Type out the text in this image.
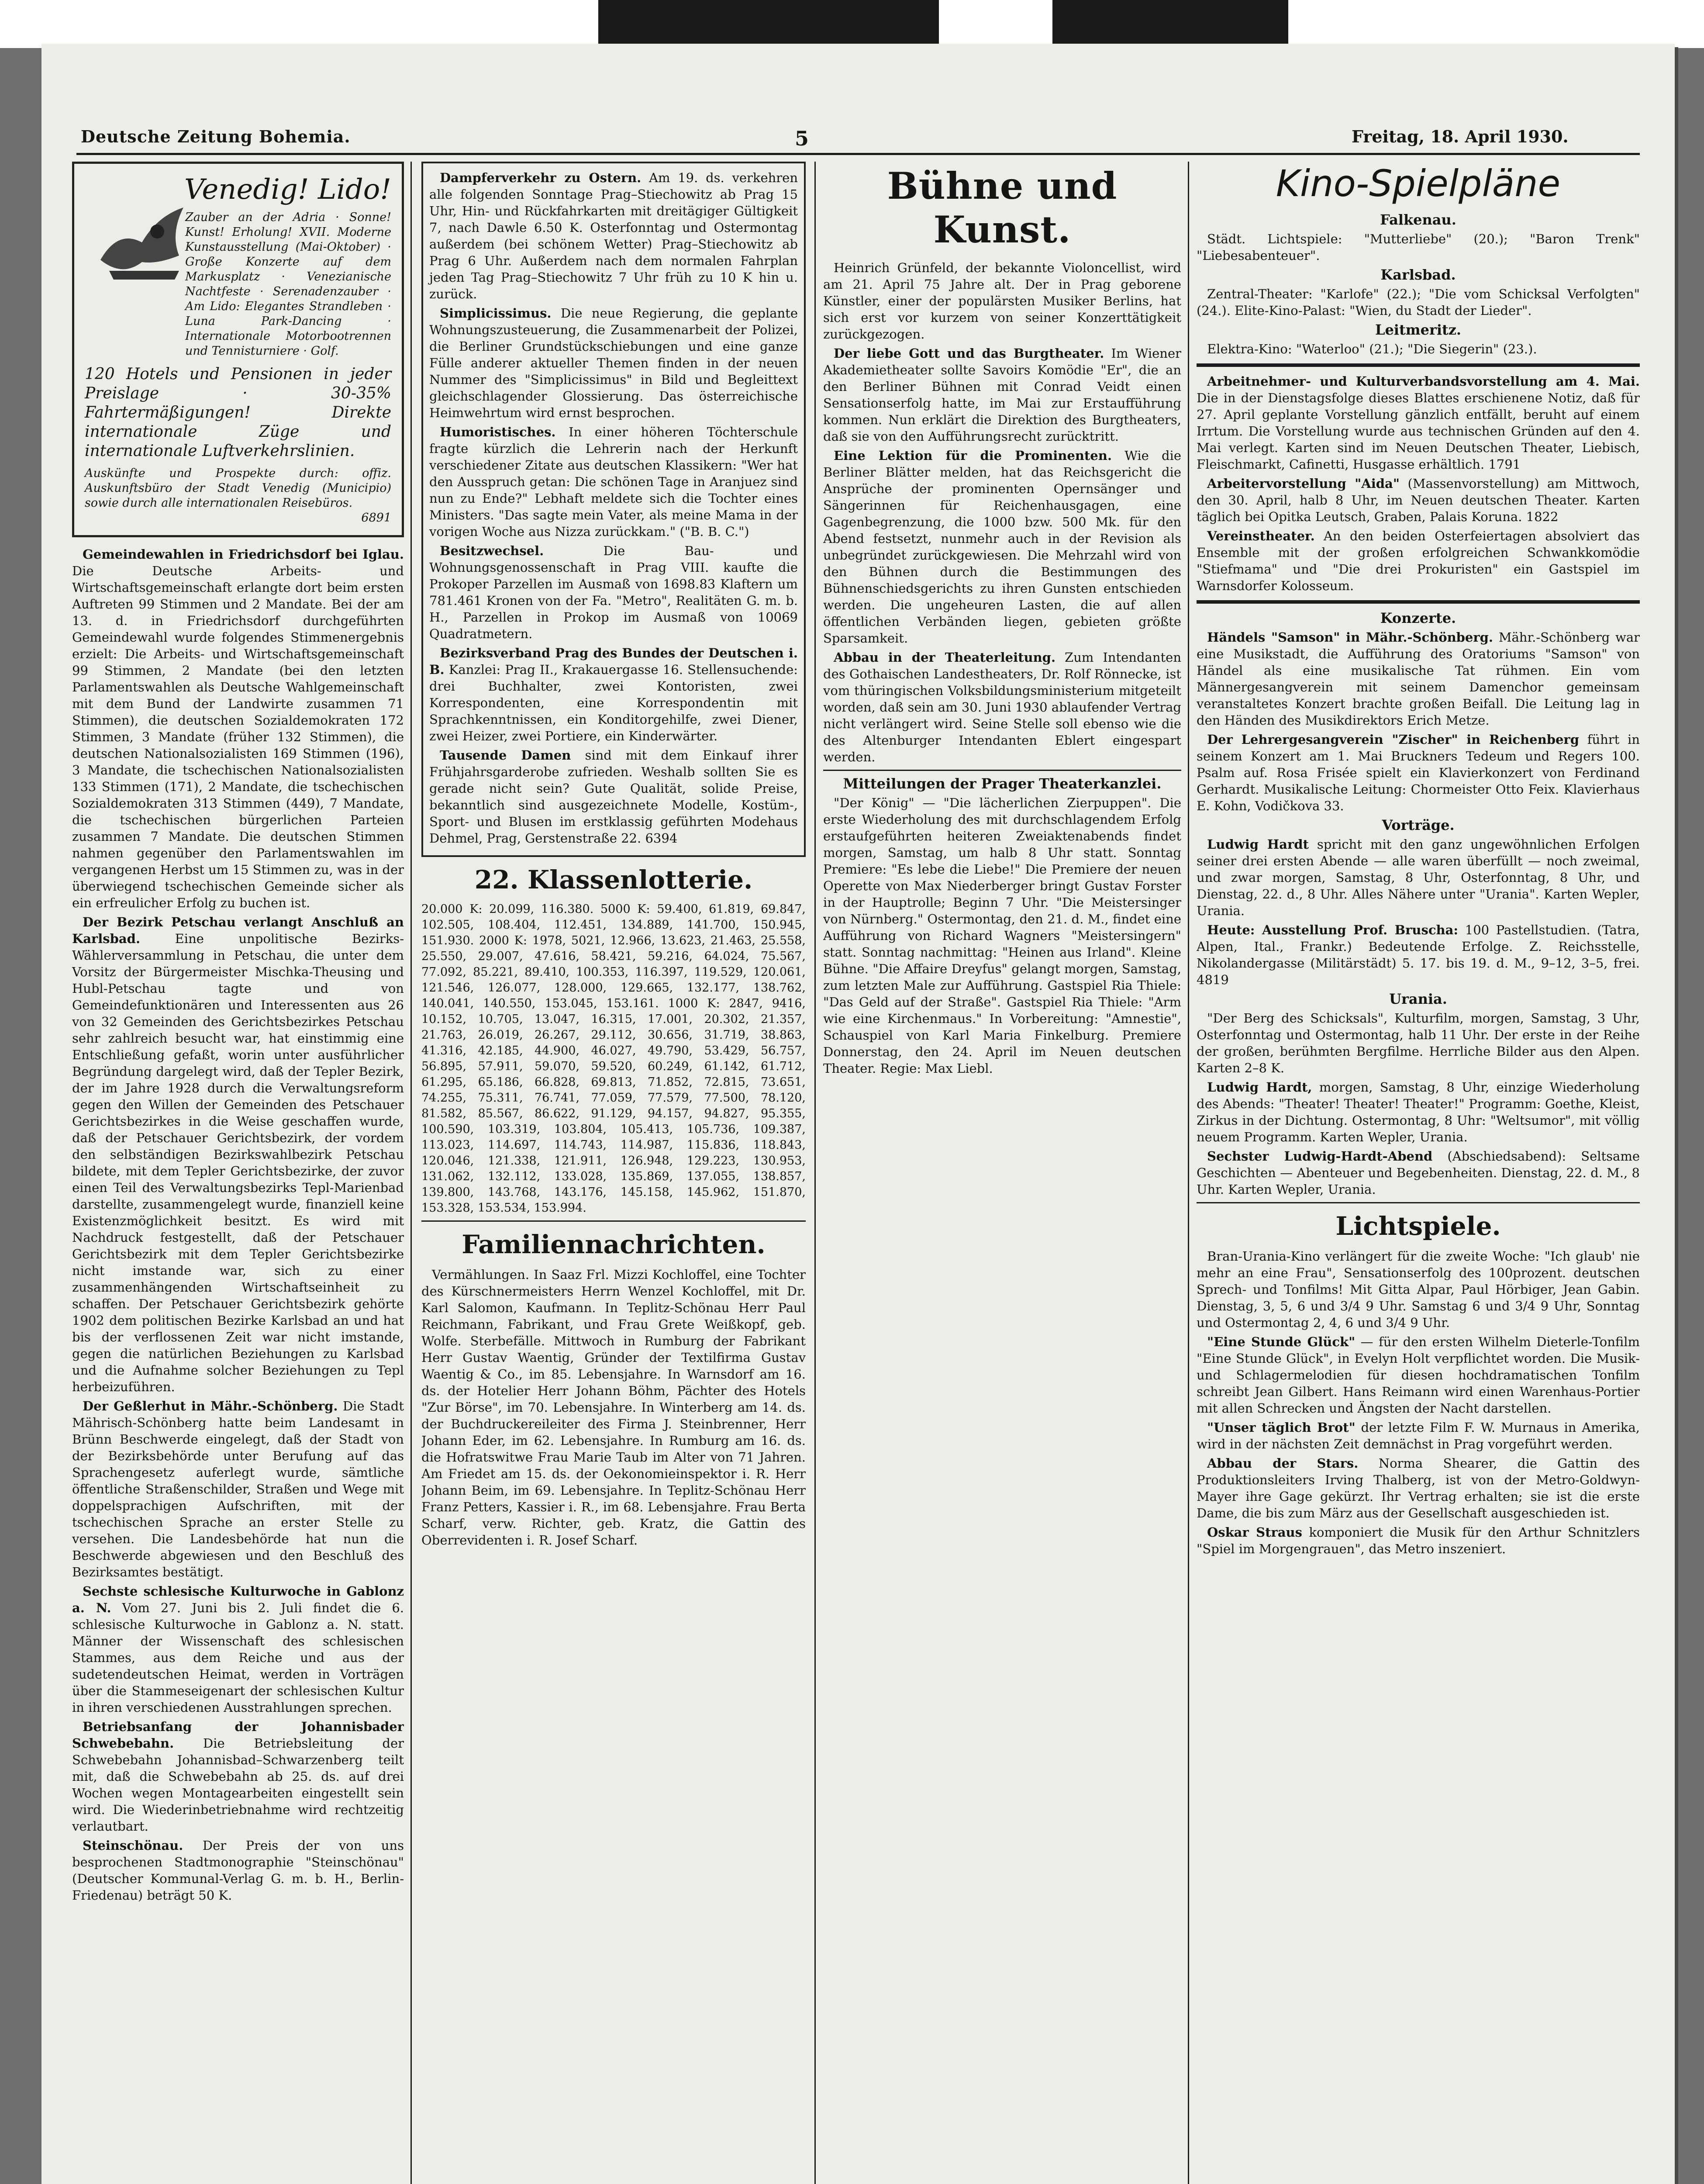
Deutsche Zeitung Bohemia.	5	Freitag, 18. April 1930.
Venedig! Lido!
Zauber an der Adria · Sonne! Kunst! Erholung! XVII. Moderne Kunstausstellung (Mai-Oktober) · Große Konzerte auf dem Markusplatz · Venezianische Nachtfeste · Serenadenzauber · Am Lido: Elegantes Strandleben · Luna Park-Dancing · Internationale Motorbootrennen und Tennisturniere · Golf.
120 Hotels und Pensionen in jeder Preislage · 30-35% Fahrtermäßigungen! Direkte internationale Züge und internationale Luftverkehrslinien.
Auskünfte und Prospekte durch: offiz. Auskunftsbüro der Stadt Venedig (Municipio) sowie durch alle internationalen Reisebüros.
6891

Gemeindewahlen in Friedrichsdorf bei Iglau. Die Deutsche Arbeits- und Wirtschaftsgemeinschaft erlangte dort beim ersten Auftreten 99 Stimmen und 2 Mandate. Bei der am 13. d. in Friedrichsdorf durchgeführten Gemeindewahl wurde folgendes Stimmenergebnis erzielt: Die Arbeits- und Wirtschaftsgemeinschaft 99 Stimmen, 2 Mandate (bei den letzten Parlamentswahlen als Deutsche Wahlgemeinschaft mit dem Bund der Landwirte zusammen 71 Stimmen), die deutschen Sozialdemokraten 172 Stimmen, 3 Mandate (früher 132 Stimmen), die deutschen Nationalsozialisten 169 Stimmen (196), 3 Mandate, die tschechischen Nationalsozialisten 133 Stimmen (171), 2 Mandate, die tschechischen Sozialdemokraten 313 Stimmen (449), 7 Mandate, die tschechischen bürgerlichen Parteien zusammen 7 Mandate. Die deutschen Stimmen nahmen gegenüber den Parlamentswahlen im vergangenen Herbst um 15 Stimmen zu, was in der überwiegend tschechischen Gemeinde sicher als ein erfreulicher Erfolg zu buchen ist.

Der Bezirk Petschau verlangt Anschluß an Karlsbad.	Eine unpolitische Bezirks-Wählerversammlung in Petschau, die unter dem Vorsitz der Bürgermeister Mischka-Theusing und Hubl-Petschau tagte und von Gemeindefunktionären und Interessenten aus 26 von 32 Gemeinden des Gerichtsbezirkes Petschau sehr zahlreich besucht war, hat einstimmig eine Entschließung gefaßt, worin unter ausführlicher Begründung dargelegt wird, daß der Tepler Bezirk, der im Jahre 1928 durch die Verwaltungsreform gegen den Willen der Gemeinden des Petschauer Gerichtsbezirkes in die Weise geschaffen wurde, daß der Petschauer Gerichtsbezirk, der vordem den selbständigen Bezirkswahlbezirk Petschau bildete, mit dem Tepler Gerichtsbezirke, der zuvor einen Teil des Verwaltungsbezirks Tepl-Marienbad darstellte, zusammengelegt wurde, finanziell keine Existenzmöglichkeit besitzt. Es wird mit Nachdruck festgestellt, daß der Petschauer Gerichtsbezirk mit dem Tepler Gerichtsbezirke nicht imstande war, sich zu einer zusammenhängenden Wirtschaftseinheit zu schaffen. Der Petschauer Gerichtsbezirk gehörte 1902 dem politischen Bezirke Karlsbad an und hat bis der verflossenen Zeit war nicht imstande, gegen die natürlichen Beziehungen zu Karlsbad und die Aufnahme solcher Beziehungen zu Tepl herbeizuführen.

Der Geßlerhut in Mähr.-Schönberg. Die Stadt Mährisch-Schönberg hatte beim Landesamt in Brünn Beschwerde eingelegt, daß der Stadt von der Bezirksbehörde unter Berufung auf das Sprachengesetz auferlegt wurde, sämtliche öffentliche Straßenschilder, Straßen und Wege mit doppelsprachigen Aufschriften, mit der tschechischen Sprache an erster Stelle zu versehen. Die Landesbehörde hat nun die Beschwerde abgewiesen und den Beschluß des Bezirksamtes bestätigt.

Sechste schlesische Kulturwoche in Gablonz a. N. Vom 27. Juni bis 2. Juli findet die 6. schlesische Kulturwoche in Gablonz a. N. statt. Männer der Wissenschaft des schlesischen Stammes, aus dem Reiche und aus der sudetendeutschen Heimat, werden in Vorträgen über die Stammeseigenart der schlesischen Kultur in ihren verschiedenen Ausstrahlungen sprechen.

Betriebsanfang der Johannisbader Schwebebahn. Die Betriebsleitung der Schwebebahn Johannisbad–Schwarzenberg teilt mit, daß die Schwebebahn ab 25. ds. auf drei Wochen wegen Montagearbeiten eingestellt sein wird. Die Wiederinbetriebnahme wird rechtzeitig verlautbart.

Steinschönau. Der Preis der von uns besprochenen Stadtmonographie "Steinschönau" (Deutscher Kommunal-Verlag G. m. b. H., Berlin-Friedenau) beträgt 50 K.

Dampferverkehr zu Ostern. Am 19. ds. verkehren alle folgenden Sonntage Prag–Stiechowitz ab Prag 15 Uhr, Hin- und Rückfahrkarten mit dreitägiger Gültigkeit 7, nach Dawle 6.50 K. Osterfonntag und Ostermontag außerdem (bei schönem Wetter) Prag–Stiechowitz ab Prag 6 Uhr. Außerdem nach dem normalen Fahrplan jeden Tag Prag–Stiechowitz 7 Uhr früh zu 10 K hin u. zurück.

Simplicissimus. Die neue Regierung, die geplante Wohnungszusteuerung, die Zusammenarbeit der Polizei, die Berliner Grundstückschiebungen und eine ganze Fülle anderer aktueller Themen finden in der neuen Nummer des "Simplicissimus" in Bild und Begleittext gleichschlagender Glossierung. Das österreichische Heimwehrtum wird ernst besprochen.

Humoristisches. In einer höheren Töchterschule fragte kürzlich die Lehrerin nach der Herkunft verschiedener Zitate aus deutschen Klassikern: "Wer hat den Ausspruch getan: Die schönen Tage in Aranjuez sind nun zu Ende?" Lebhaft meldete sich die Tochter eines Ministers. "Das sagte mein Vater, als meine Mama in der vorigen Woche aus Nizza zurückkam." ("B. B. C.")

Besitzwechsel.	Die Bau- und Wohnungsgenossenschaft in Prag VIII. kaufte die Prokoper Parzellen im Ausmaß von 1698.83 Klaftern um 781.461 Kronen von der Fa. "Metro", Realitäten G. m. b. H., Parzellen in Prokop im Ausmaß von 10069 Quadratmetern.

Bezirksverband Prag des Bundes der Deutschen i. B. Kanzlei: Prag II., Krakauergasse 16. Stellensuchende: drei Buchhalter, zwei Kontoristen, zwei Korrespondenten, eine Korrespondentin mit Sprachkenntnissen, ein Konditorgehilfe, zwei Diener, zwei Heizer, zwei Portiere, ein Kinderwärter.

Tausende Damen sind mit dem Einkauf ihrer Frühjahrsgarderobe zufrieden. Weshalb sollten Sie es gerade nicht sein? Gute Qualität, solide Preise, bekanntlich sind ausgezeichnete Modelle, Kostüm-, Sport- und Blusen im erstklassig geführten Modehaus Dehmel, Prag, Gerstenstraße 22. 6394

22. Klassenlotterie.
20.000 K: 20.099, 116.380. 5000 K: 59.400, 61.819, 69.847, 102.505, 108.404, 112.451, 134.889, 141.700, 150.945, 151.930. 2000 K: 1978, 5021, 12.966, 13.623, 21.463, 25.558, 25.550, 29.007, 47.616, 58.421, 59.216, 64.024, 75.567, 77.092, 85.221, 89.410, 100.353, 116.397, 119.529, 120.061, 121.546, 126.077, 128.000, 129.665, 132.177, 138.762, 140.041, 140.550, 153.045, 153.161. 1000 K: 2847, 9416, 10.152, 10.705, 13.047, 16.315, 17.001, 20.302, 21.357, 21.763, 26.019, 26.267, 29.112, 30.656, 31.719, 38.863, 41.316, 42.185, 44.900, 46.027, 49.790, 53.429, 56.757, 56.895, 57.911, 59.070, 59.520, 60.249, 61.142, 61.712, 61.295, 65.186, 66.828, 69.813, 71.852, 72.815, 73.651, 74.255, 75.311, 76.741, 77.059, 77.579, 77.500, 78.120, 81.582, 85.567, 86.622, 91.129, 94.157, 94.827, 95.355, 100.590, 103.319, 103.804, 105.413, 105.736, 109.387, 113.023, 114.697, 114.743, 114.987, 115.836, 118.843, 120.046, 121.338, 121.911, 126.948, 129.223, 130.953, 131.062, 132.112, 133.028, 135.869, 137.055, 138.857, 139.800, 143.768, 143.176, 145.158, 145.962, 151.870, 153.328, 153.534, 153.994.
Familiennachrichten.

Vermählungen. In Saaz Frl. Mizzi Kochloffel, eine Tochter des Kürschnermeisters Herrn Wenzel Kochloffel, mit Dr. Karl Salomon, Kaufmann. In Teplitz-Schönau Herr Paul Reichmann, Fabrikant, und Frau Grete Weißkopf, geb. Wolfe. Sterbefälle. Mittwoch in Rumburg der Fabrikant Herr Gustav Waentig, Gründer der Textilfirma Gustav Waentig & Co., im 85. Lebensjahre. In Warnsdorf am 16. ds. der Hotelier Herr Johann Böhm, Pächter des Hotels "Zur Börse", im 70. Lebensjahre. In Winterberg am 14. ds. der Buchdruckereileiter des Firma J. Steinbrenner, Herr Johann Eder, im 62. Lebensjahre. In Rumburg am 16. ds. die Hofratswitwe Frau Marie Taub im Alter von 71 Jahren. Am Friedet am 15. ds. der Oekonomieinspektor i. R. Herr Johann Beim, im 69. Lebensjahre. In Teplitz-Schönau Herr Franz Petters, Kassier i. R., im 68. Lebensjahre. Frau Berta Scharf, verw. Richter, geb. Kratz, die Gattin des Oberrevidenten i. R. Josef Scharf.

Bühne und Kunst.

Heinrich Grünfeld, der bekannte Violoncellist, wird am 21. April 75 Jahre alt. Der in Prag geborene Künstler, einer der populärsten Musiker Berlins, hat sich erst vor kurzem von seiner Konzerttätigkeit zurückgezogen.

Der liebe Gott und das Burgtheater. Im Wiener Akademietheater sollte Savoirs Komödie "Er", die an den Berliner Bühnen mit Conrad Veidt einen Sensationserfolg hatte, im Mai zur Erstaufführung kommen. Nun erklärt die Direktion des Burgtheaters, daß sie von den Aufführungsrecht zurücktritt.

Eine Lektion für die Prominenten. Wie die Berliner Blätter melden, hat das Reichsgericht die Ansprüche der prominenten Opernsänger und Sängerinnen für Reichenhausgagen, eine Gagenbegrenzung, die 1000 bzw. 500 Mk. für den Abend festsetzt, nunmehr auch in der Revision als unbegründet zurückgewiesen. Die Mehrzahl wird von den Bühnen durch die Bestimmungen des Bühnenschiedsgerichts zu ihren Gunsten entschieden werden. Die ungeheuren Lasten, die auf allen öffentlichen Verbänden liegen, gebieten größte Sparsamkeit.

Abbau in der Theaterleitung. Zum Intendanten des Gothaischen Landestheaters, Dr. Rolf Rönnecke, ist vom thüringischen Volksbildungsministerium mitgeteilt worden, daß sein am 30. Juni 1930 ablaufender Vertrag nicht verlängert wird. Seine Stelle soll ebenso wie die des Altenburger Intendanten Eblert eingespart werden.

Mitteilungen der Prager Theaterkanzlei.

"Der König" — "Die lächerlichen Zierpuppen". Die erste Wiederholung des mit durchschlagendem Erfolg erstaufgeführten heiteren Zweiaktenabends findet morgen, Samstag, um halb 8 Uhr statt. Sonntag Premiere: "Es lebe die Liebe!" Die Premiere der neuen Operette von Max Niederberger bringt Gustav Forster in der Hauptrolle; Beginn 7 Uhr. "Die Meistersinger von Nürnberg." Ostermontag, den 21. d. M., findet eine Aufführung von Richard Wagners "Meistersingern" statt. Sonntag nachmittag: "Heinen aus Irland". Kleine Bühne. "Die Affaire Dreyfus" gelangt morgen, Samstag, zum letzten Male zur Aufführung. Gastspiel Ria Thiele: "Das Geld auf der Straße". Gastspiel Ria Thiele: "Arm wie eine Kirchenmaus." In Vorbereitung: "Amnestie", Schauspiel von Karl Maria Finkelburg. Premiere Donnerstag, den 24. April im Neuen deutschen Theater. Regie: Max Liebl.

Kino-Spielpläne

Falkenau.

Städt. Lichtspiele: "Mutterliebe" (20.); "Baron Trenk" "Liebesabenteuer".

Karlsbad.

Zentral-Theater: "Karlofe" (22.); "Die vom Schicksal Verfolgten" (24.). Elite-Kino-Palast: "Wien, du Stadt der Lieder".

Leitmeritz.

Elektra-Kino: "Waterloo" (21.); "Die Siegerin" (23.).

Arbeitnehmer- und Kulturverbandsvorstellung am 4. Mai. Die in der Dienstagsfolge dieses Blattes erschienene Notiz, daß für 27. April geplante Vorstellung gänzlich entfällt, beruht auf einem Irrtum. Die Vorstellung wurde aus technischen Gründen auf den 4. Mai verlegt. Karten sind im Neuen Deutschen Theater, Liebisch, Fleischmarkt, Cafinetti, Husgasse erhältlich. 1791

Arbeitervorstellung "Aida" (Massenvorstellung) am Mittwoch, den 30. April, halb 8 Uhr, im Neuen deutschen Theater. Karten täglich bei Opitka Leutsch, Graben, Palais Koruna. 1822

Vereinstheater. An den beiden Osterfeiertagen absolviert das Ensemble mit der großen erfolgreichen Schwankkomödie "Stiefmama" und "Die drei Prokuristen" ein Gastspiel im Warnsdorfer Kolosseum.

Konzerte.

Händels "Samson" in Mähr.-Schönberg. Mähr.-Schönberg war eine Musikstadt, die Aufführung des Oratoriums "Samson" von Händel als eine musikalische Tat rühmen. Ein vom Männergesangverein mit seinem Damenchor gemeinsam veranstaltetes Konzert brachte großen Beifall. Die Leitung lag in den Händen des Musikdirektors Erich Metze.

Der Lehrergesangverein "Zischer" in Reichenberg führt in seinem Konzert am 1. Mai Bruckners Tedeum und Regers 100. Psalm auf. Rosa Frisée spielt ein Klavierkonzert von Ferdinand Gerhardt. Musikalische Leitung: Chormeister Otto Feix. Klavierhaus E. Kohn, Vodičkova 33.

Vorträge.

Ludwig Hardt spricht mit den ganz ungewöhnlichen Erfolgen seiner drei ersten Abende — alle waren überfüllt — noch zweimal, und zwar morgen, Samstag, 8 Uhr, Osterfonntag, 8 Uhr, und Dienstag, 22. d., 8 Uhr. Alles Nähere unter "Urania". Karten Wepler, Urania.

Heute: Ausstellung Prof. Bruscha: 100 Pastellstudien. (Tatra, Alpen, Ital., Frankr.) Bedeutende Erfolge. Z. Reichsstelle, Nikolandergasse (Militärstädt) 5. 17. bis 19. d. M., 9–12, 3–5, frei. 4819

Urania.

"Der Berg des Schicksals", Kulturfilm, morgen, Samstag, 3 Uhr, Osterfonntag und Ostermontag, halb 11 Uhr. Der erste in der Reihe der großen, berühmten Bergfilme. Herrliche Bilder aus den Alpen. Karten 2–8 K.

Ludwig Hardt, morgen, Samstag, 8 Uhr, einzige Wiederholung des Abends: "Theater! Theater! Theater!" Programm: Goethe, Kleist, Zirkus in der Dichtung. Ostermontag, 8 Uhr: "Weltsumor", mit völlig neuem Programm. Karten Wepler, Urania.

Sechster Ludwig-Hardt-Abend (Abschiedsabend): Seltsame Geschichten — Abenteuer und Begebenheiten. Dienstag, 22. d. M., 8 Uhr. Karten Wepler, Urania.

Lichtspiele.

Bran-Urania-Kino verlängert für die zweite Woche: "Ich glaub' nie mehr an eine Frau", Sensationserfolg des 100prozent. deutschen Sprech- und Tonfilms! Mit Gitta Alpar, Paul Hörbiger, Jean Gabin. Dienstag, 3, 5, 6 und 3/4 9 Uhr. Samstag 6 und 3/4 9 Uhr, Sonntag und Ostermontag 2, 4, 6 und 3/4 9 Uhr.

"Eine Stunde Glück" — für den ersten Wilhelm Dieterle-Tonfilm "Eine Stunde Glück", in Evelyn Holt verpflichtet worden. Die Musik- und Schlagermelodien für diesen hochdramatischen Tonfilm schreibt Jean Gilbert. Hans Reimann wird einen Warenhaus-Portier mit allen Schrecken und Ängsten der Nacht darstellen.

"Unser täglich Brot" der letzte Film F. W. Murnaus in Amerika, wird in der nächsten Zeit demnächst in Prag vorgeführt werden.

Abbau der Stars. Norma Shearer, die Gattin des Produktionsleiters Irving Thalberg, ist von der Metro-Goldwyn-Mayer ihre Gage gekürzt. Ihr Vertrag erhalten; sie ist die erste Dame, die bis zum März aus der Gesellschaft ausgeschieden ist.

Oskar Straus komponiert die Musik für den Arthur Schnitzlers "Spiel im Morgengrauen", das Metro inszeniert.
